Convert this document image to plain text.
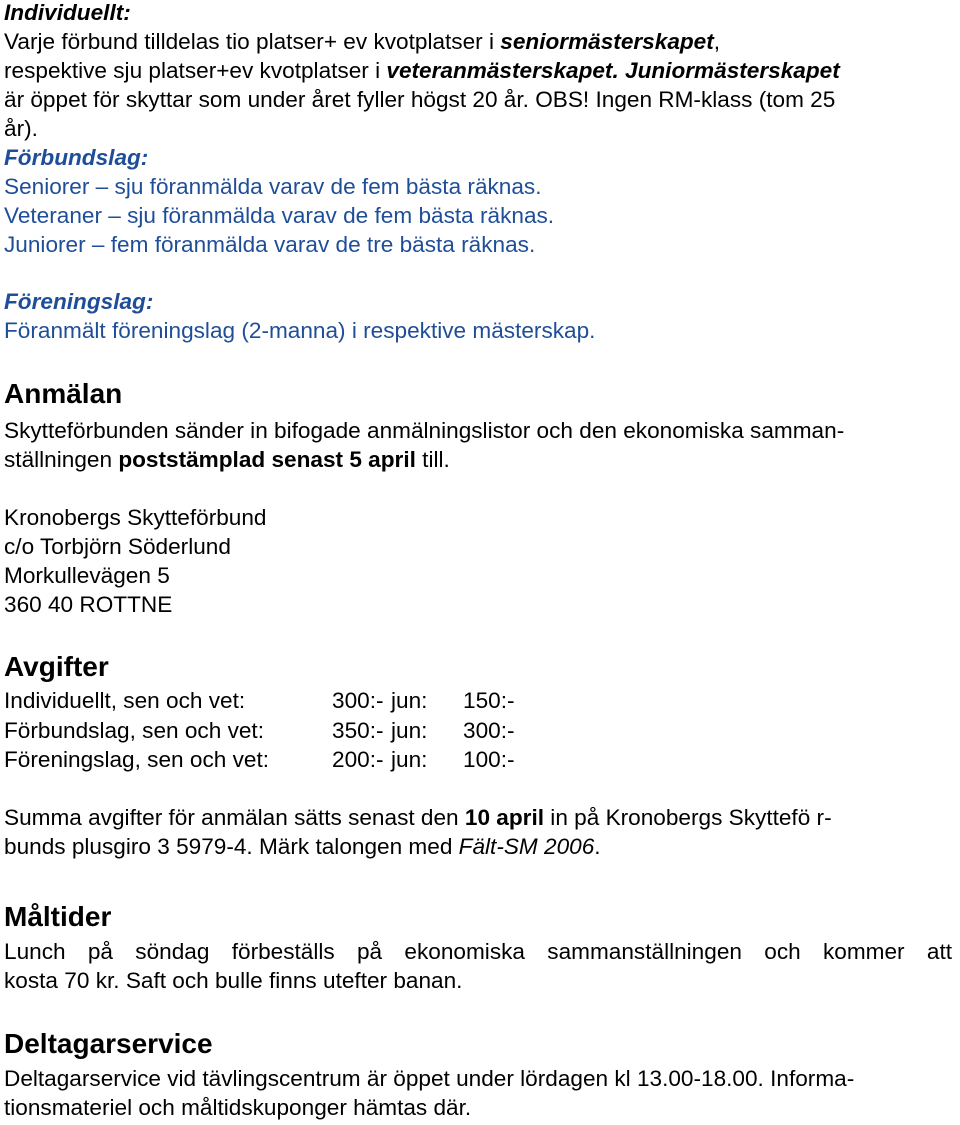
Individuellt:
Varje förbund tilldelas tio platser+ ev kvotplatser i seniormästerskapet,
respektive sju platser+ev kvotplatser i veteranmästerskapet. Juniormästerskapet
är öppet för skyttar som under året fyller högst 20 år. OBS! Ingen RM-klass (tom 25
år).
Förbundslag:
Seniorer – sju föranmälda varav de fem bästa räknas.
Veteraner – sju föranmälda varav de fem bästa räknas.
Juniorer – fem föranmälda varav de tre bästa räknas.
Föreningslag:
Föranmält föreningslag (2-manna) i respektive mästerskap.
Anmälan
Skytteförbunden sänder in bifogade anmälningslistor och den ekonomiska samman-
ställningen poststämplad senast 5 april till.
Kronobergs Skytteförbund
c/o Torbjörn Söderlund
Morkullevägen 5
360 40 ROTTNE
Avgifter
Individuellt, sen och vet:	300:- jun:	150:-
Förbundslag, sen och vet:	350:- jun:	300:-
Föreningslag, sen och vet:	200:- jun:	100:-
Summa avgifter för anmälan sätts senast den 10 april in på Kronobergs Skyttefö r-
bunds plusgiro 3 5979-4. Märk talongen med Fält-SM 2006.
Måltider
Lunch på söndag förbeställs på ekonomiska sammanställningen och kommer att
kosta 70 kr. Saft och bulle finns utefter banan.
Deltagarservice
Deltagarservice vid tävlingscentrum är öppet under lördagen kl 13.00-18.00. Informa-
tionsmateriel och måltidskuponger hämtas där.
